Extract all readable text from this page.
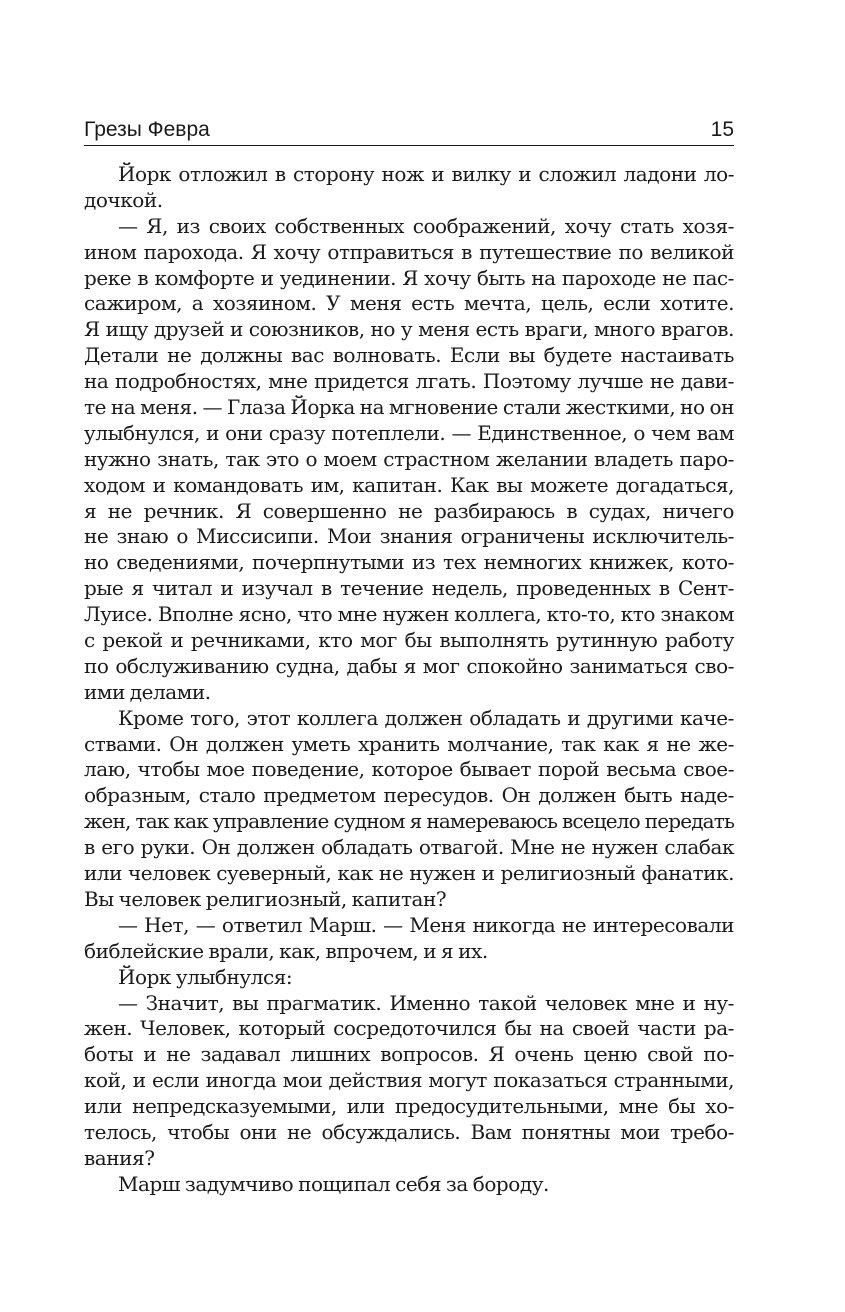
Грезы Февра	15
Йорк отложил в сторону нож и вилку и сложил ладони ло-
дочкой.
— Я, из своих собственных соображений, хочу стать хозя-
ином парохода. Я хочу отправиться в путешествие по великой
реке в комфорте и уединении. Я хочу быть на пароходе не пас-
сажиром, а хозяином. У меня есть мечта, цель, если хотите.
Я ищу друзей и союзников, но у меня есть враги, много врагов.
Детали не должны вас волновать. Если вы будете настаивать
на подробностях, мне придется лгать. Поэтому лучше не дави-
те на меня. — Глаза Йорка на мгновение стали жесткими, но он
улыбнулся, и они сразу потеплели. — Единственное, о чем вам
нужно знать, так это о моем страстном желании владеть паро-
ходом и командовать им, капитан. Как вы можете догадаться,
я не речник. Я совершенно не разбираюсь в судах, ничего
не знаю о Миссисипи. Мои знания ограничены исключитель-
но сведениями, почерпнутыми из тех немногих книжек, кото-
рые я читал и изучал в течение недель, проведенных в Сент-
Луисе. Вполне ясно, что мне нужен коллега, кто-то, кто знаком
с рекой и речниками, кто мог бы выполнять рутинную работу
по обслуживанию судна, дабы я мог спокойно заниматься сво-
ими делами.
Кроме того, этот коллега должен обладать и другими каче-
ствами. Он должен уметь хранить молчание, так как я не же-
лаю, чтобы мое поведение, которое бывает порой весьма свое-
образным, стало предметом пересудов. Он должен быть надe-
жен, так как управление судном я намереваюсь всецело передать
в его руки. Он должен обладать отвагой. Мне не нужен слабак
или человек суеверный, как не нужен и религиозный фанатик.
Вы человек религиозный, капитан?
— Нет, — ответил Марш. — Меня никогда не интересовали
библейские врали, как, впрочем, и я их.
Йорк улыбнулся:
— Значит, вы прагматик. Именно такой человек мне и ну-
жен. Человек, который сосредоточился бы на своей части ра-
боты и не задавал лишних вопросов. Я очень ценю свой по-
кой, и если иногда мои действия могут показаться странными,
или непредсказуемыми, или предосудительными, мне бы хо-
телось, чтобы они не обсуждались. Вам понятны мои требо-
вания?
Марш задумчиво пощипал себя за бороду.
